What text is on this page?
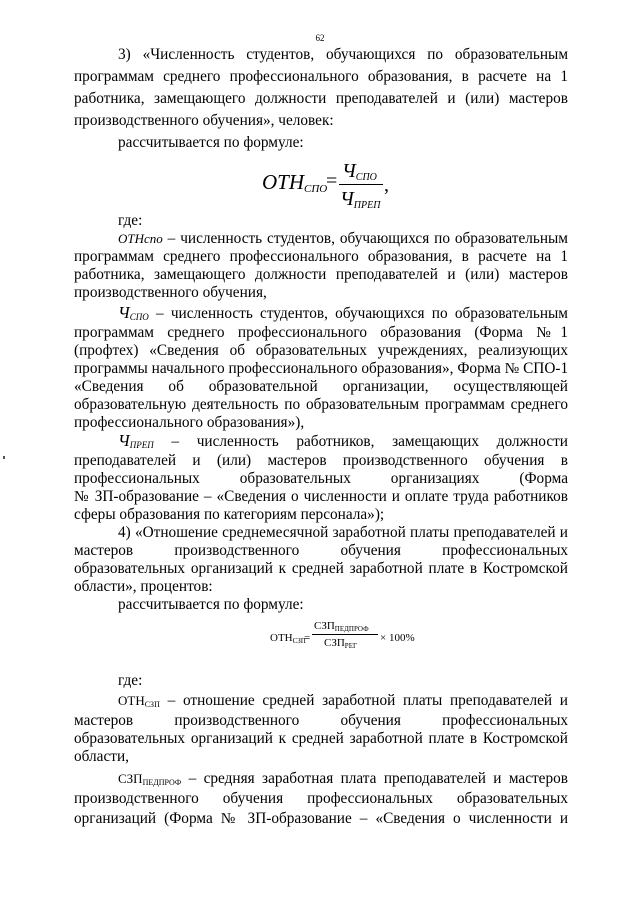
62
3) «Численность студентов, обучающихся по образовательным
программам среднего профессионального образования, в расчете на 1
работника, замещающего должности преподавателей и (или) мастеров
производственного обучения», человек:
рассчитывается по формуле:
$ОТН_{СПО}$
= $Ч_{СПО}$
$Ч_{ПРЕП}$
,
где:
ОТНспо – численность студентов, обучающихся по образовательным
программам среднего профессионального образования, в расчете на 1
работника, замещающего должности преподавателей и (или) мастеров
производственного обучения,
$Ч_{СПО}$ – численность студентов, обучающихся по образовательным
программам среднего профессионального образования (Форма №1
(профтех) «Сведения об образовательных учреждениях, реализующих
программы начального профессионального образования», Форма № СПО-1
«Сведения об образовательной организации, осуществляющей
образовательную деятельность по образовательным программам среднего
профессионального образования»),
$Ч_{ПРЕП}$ – численность работников, замещающих должности
преподавателей и (или) мастеров производственного обучения в
профессиональных образовательных организациях (Форма
№ ЗП-образование – «Сведения о численности и оплате труда работников
сферы образования по категориям персонала»);
4) «Отношение среднемесячной заработной платы преподавателей и
мастеров производственного обучения профессиональных
образовательных организаций к средней заработной плате в Костромской
области», процентов:
рассчитывается по формуле:
$ОТН_{СЗП}$
=
$СЗП_{ПЕДПРОФ}$
$СЗП_{РЕГ}$
× 100%
где:
$ОТН_{СЗП}$ – отношение средней заработной платы преподавателей и
мастеров производственного обучения профессиональных
образовательных организаций к средней заработной плате в Костромской
области,
$СЗП_{ПЕДПРОФ}$ – средняя заработная плата преподавателей и мастеров
производственного обучения профессиональных образовательных
организаций (Форма № ЗП-образование – «Сведения о численности и
